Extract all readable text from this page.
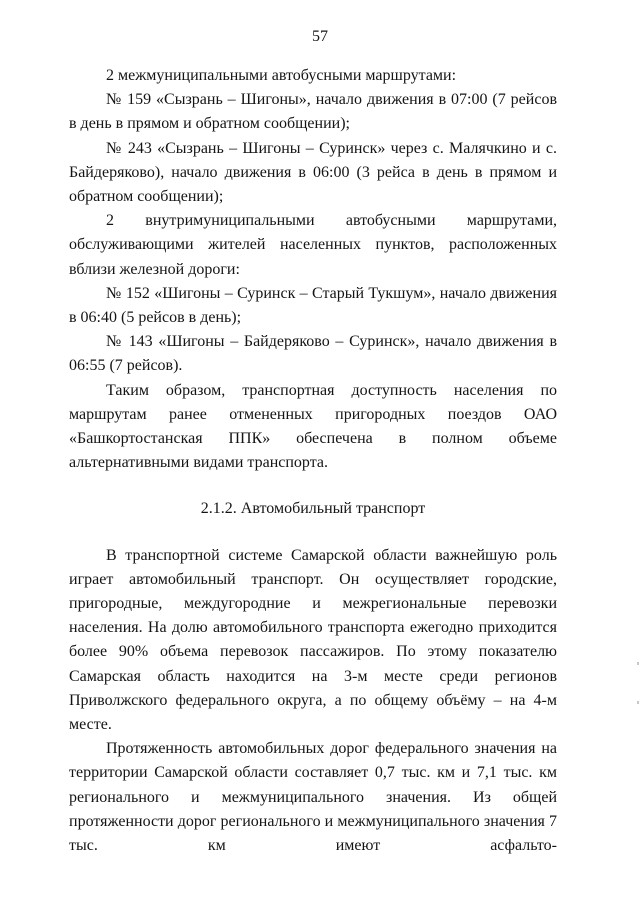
57

2 межмуниципальными автобусными маршрутами:

№ 159 «Сызрань – Шигоны», начало движения в 07:00 (7 рейсов в день в прямом и обратном сообщении);

№ 243 «Сызрань – Шигоны – Суринск» через с. Малячкино и с. Байдеряково), начало движения в 06:00 (3 рейса в день в прямом и обратном сообщении);

2 внутримуниципальными автобусными маршрутами, обслуживающими жителей населенных пунктов, расположенных вблизи железной дороги:

№ 152 «Шигоны – Суринск – Старый Тукшум», начало движения в 06:40 (5 рейсов в день);

№ 143 «Шигоны – Байдеряково – Суринск», начало движения в 06:55 (7 рейсов).

Таким образом, транспортная доступность населения по маршрутам ранее отмененных пригородных поездов ОАО «Башкортостанская ППК» обеспечена в полном объеме альтернативными видами транспорта.

2.1.2. Автомобильный транспорт

В транспортной системе Самарской области важнейшую роль играет автомобильный транспорт. Он осуществляет городские, пригородные, междугородние и межрегиональные перевозки населения. На долю автомобильного транспорта ежегодно приходится более 90% объема перевозок пассажиров. По этому показателю Самарская область находится на 3-м месте среди регионов Приволжского федерального округа, а по общему объёму – на 4-м месте.

Протяженность автомобильных дорог федерального значения на территории Самарской области составляет 0,7 тыс. км и 7,1 тыс. км регионального и межмуниципального значения. Из общей протяженности дорог регионального и межмуниципального значения 7 тыс. км имеют асфальто-
